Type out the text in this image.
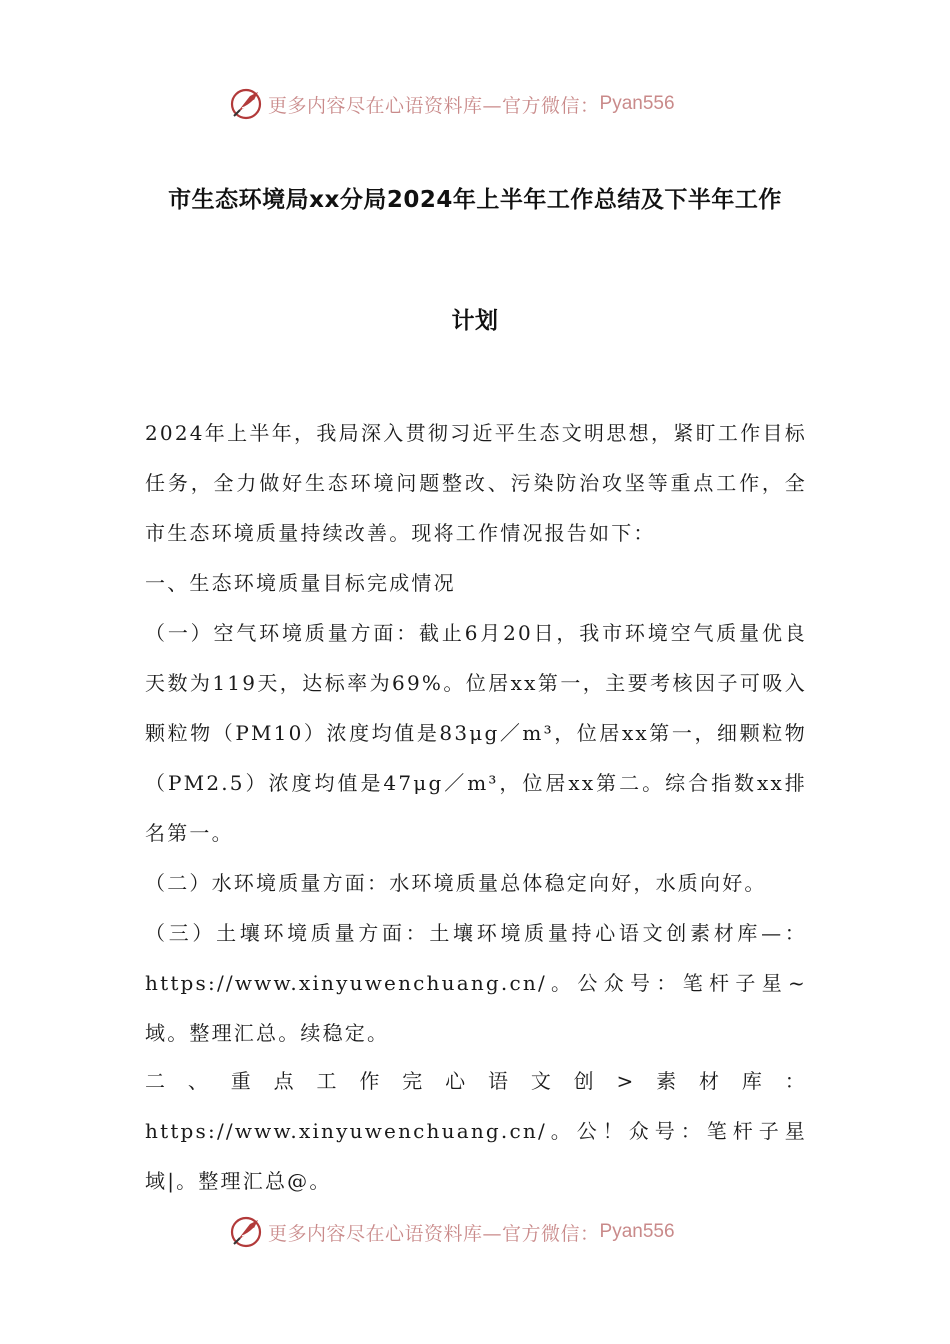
更多内容尽在心语资料库—官方微信： Pyan556
市生态环境局xx分局2024年上半年工作总结及下半年工作
计划

2024年上半年，我局深入贯彻习近平生态文明思想，紧盯工作目标任务，全力做好生态环境问题整改、污染防治攻坚等重点工作，全市生态环境质量持续改善。现将工作情况报告如下：

一、生态环境质量目标完成情况

（一）空气环境质量方面：截止6月20日，我市环境空气质量优良天数为119天，达标率为69%。位居xx第一，主要考核因子可吸入颗粒物（PM10）浓度均值是83μg／m³，位居xx第一，细颗粒物（PM2.5）浓度均值是47μg／m³，位居xx第二。综合指数xx排名第一。

（二）水环境质量方面：水环境质量总体稳定向好，水质向好。

（三）土壤环境质量方面：土壤环境质量持心语文创素材库—：https://www.xinyuwenchuang.cn/。公众号：笔杆子星~域。整理汇总。续稳定。

二、重点工作完心语文创>素材库：https://www.xinyuwenchuang.cn/。公！众号：笔杆子星域|。整理汇总@。

更多内容尽在心语资料库—官方微信： Pyan556
